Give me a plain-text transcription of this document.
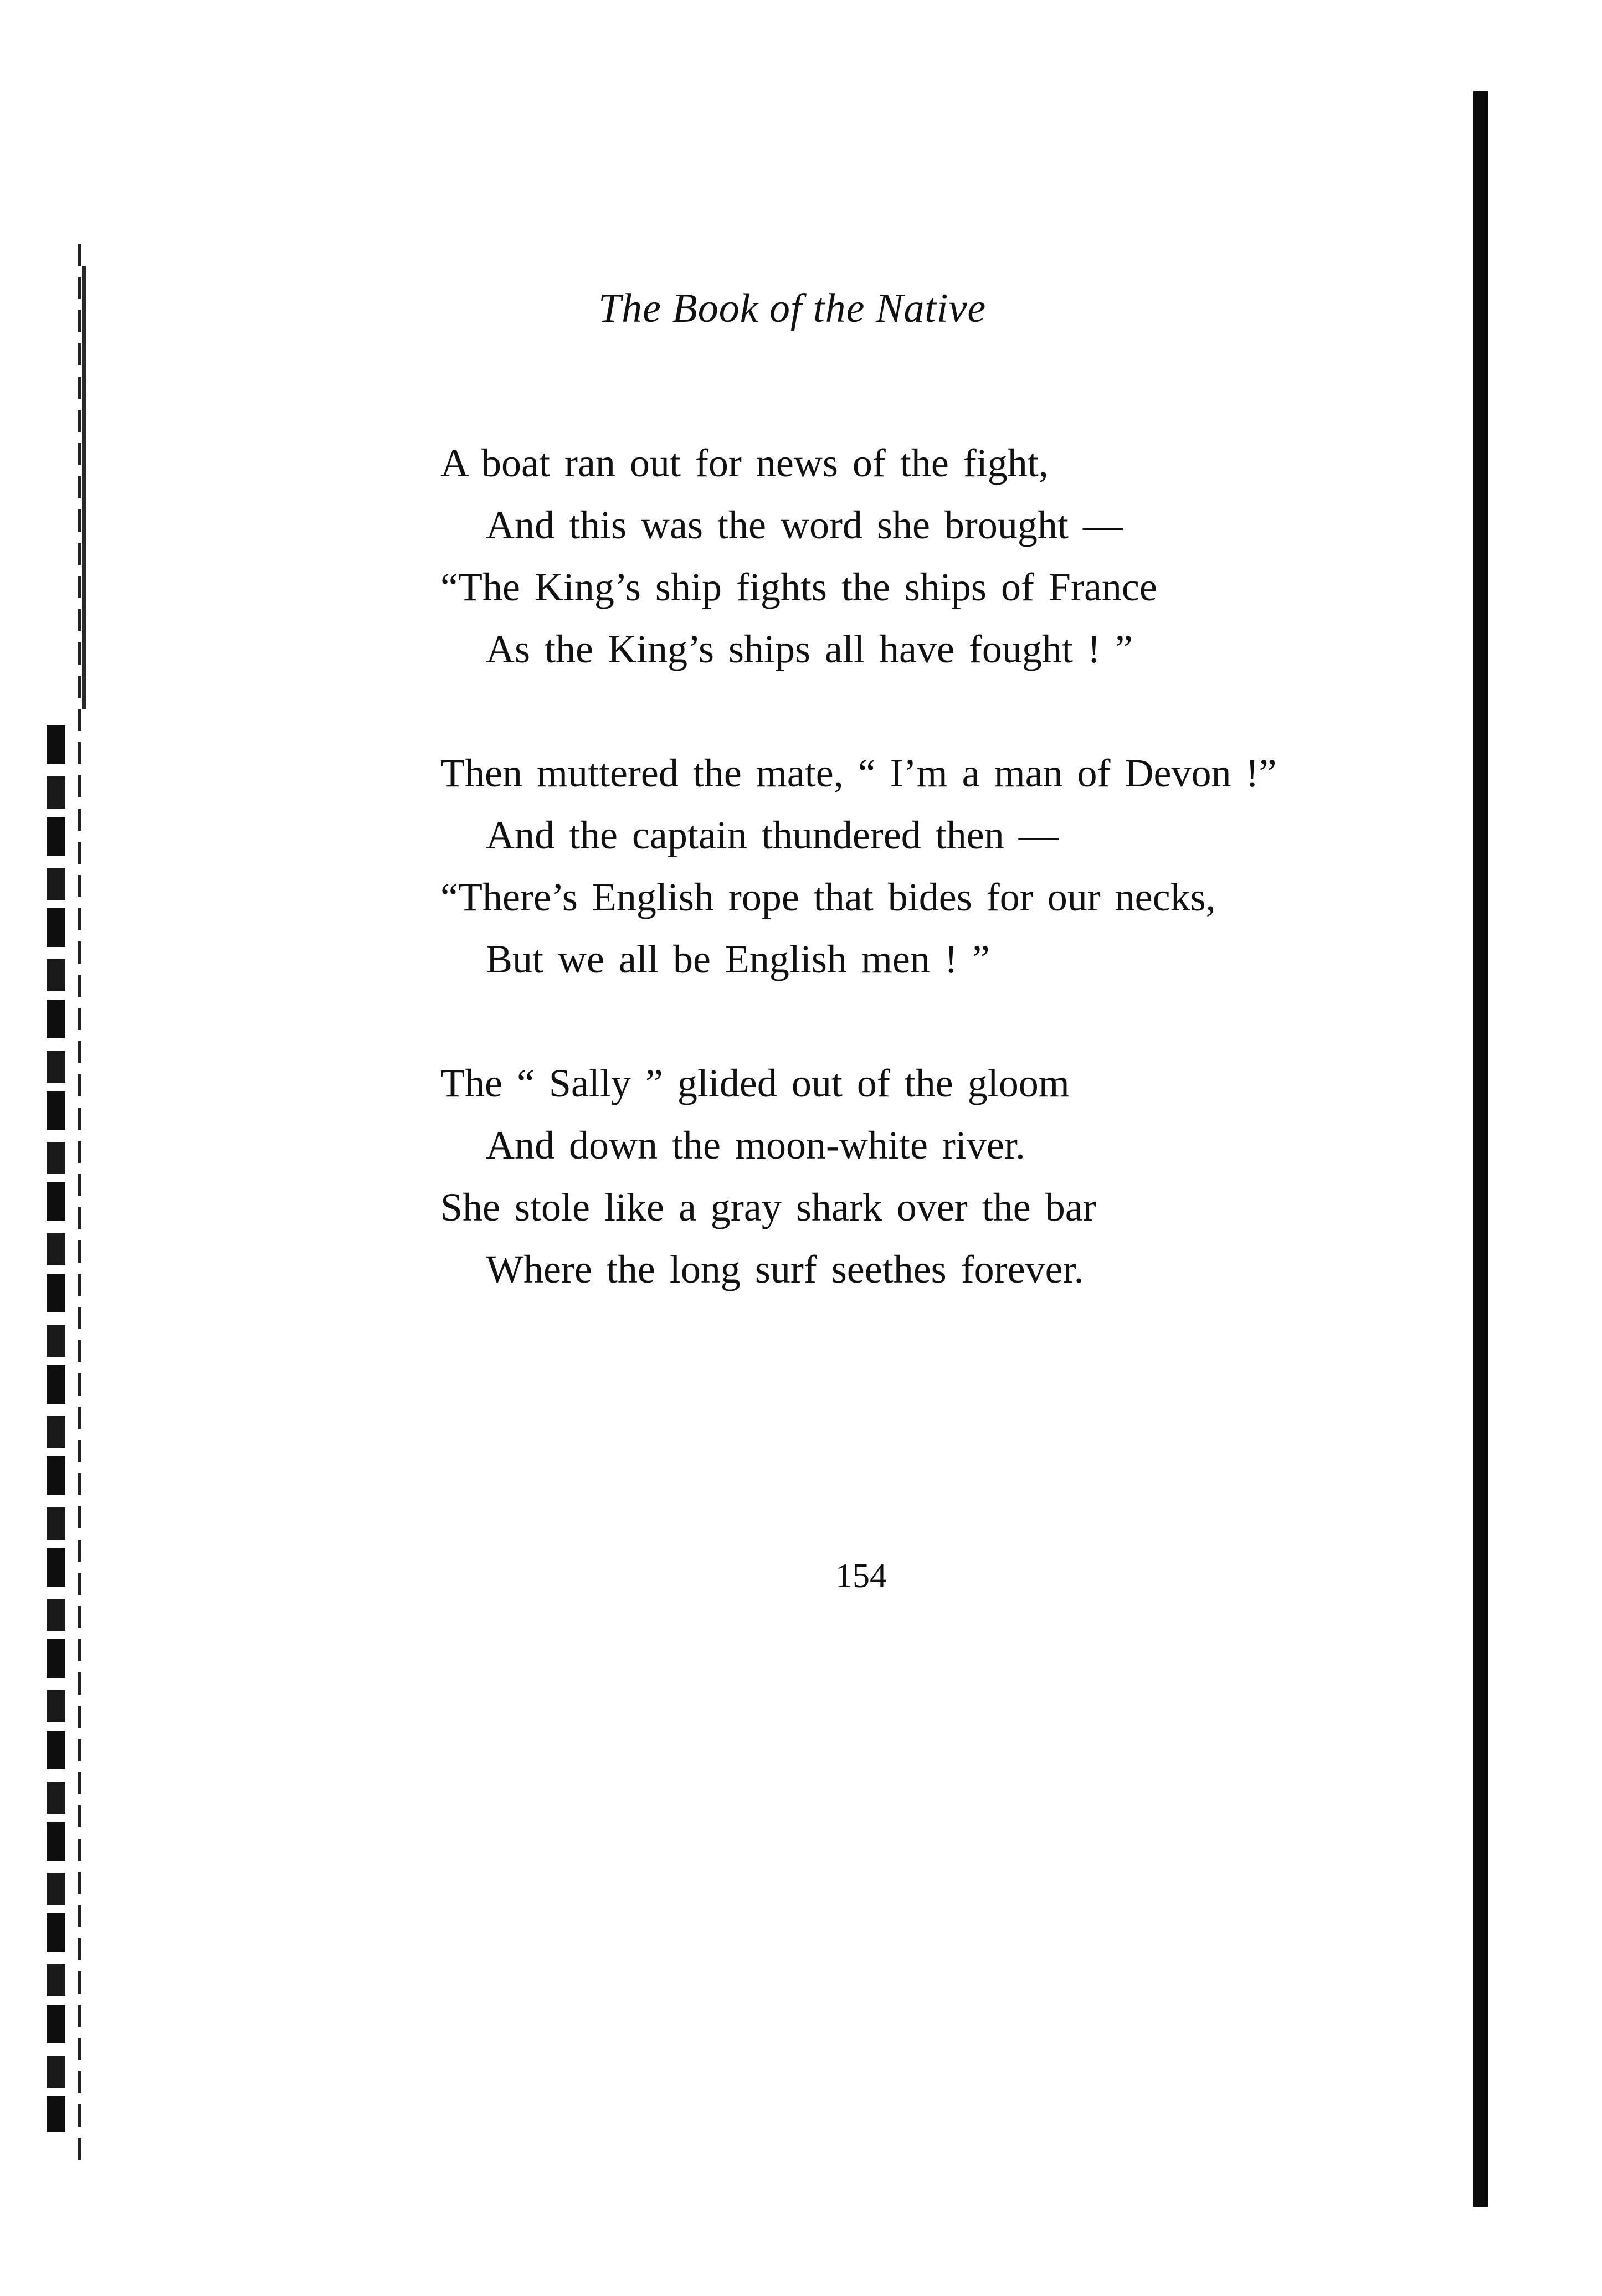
The Book of the Native
A boat ran out for news of the fight,
And this was the word she brought —
“The King’s ship fights the ships of France
As the King’s ships all have fought ! ”
Then muttered the mate, “ I’m a man of Devon !”
And the captain thundered then —
“There’s English rope that bides for our necks,
But we all be English men ! ”
The “ Sally ” glided out of the gloom
And down the moon-white river.
She stole like a gray shark over the bar
Where the long surf seethes forever.
154
